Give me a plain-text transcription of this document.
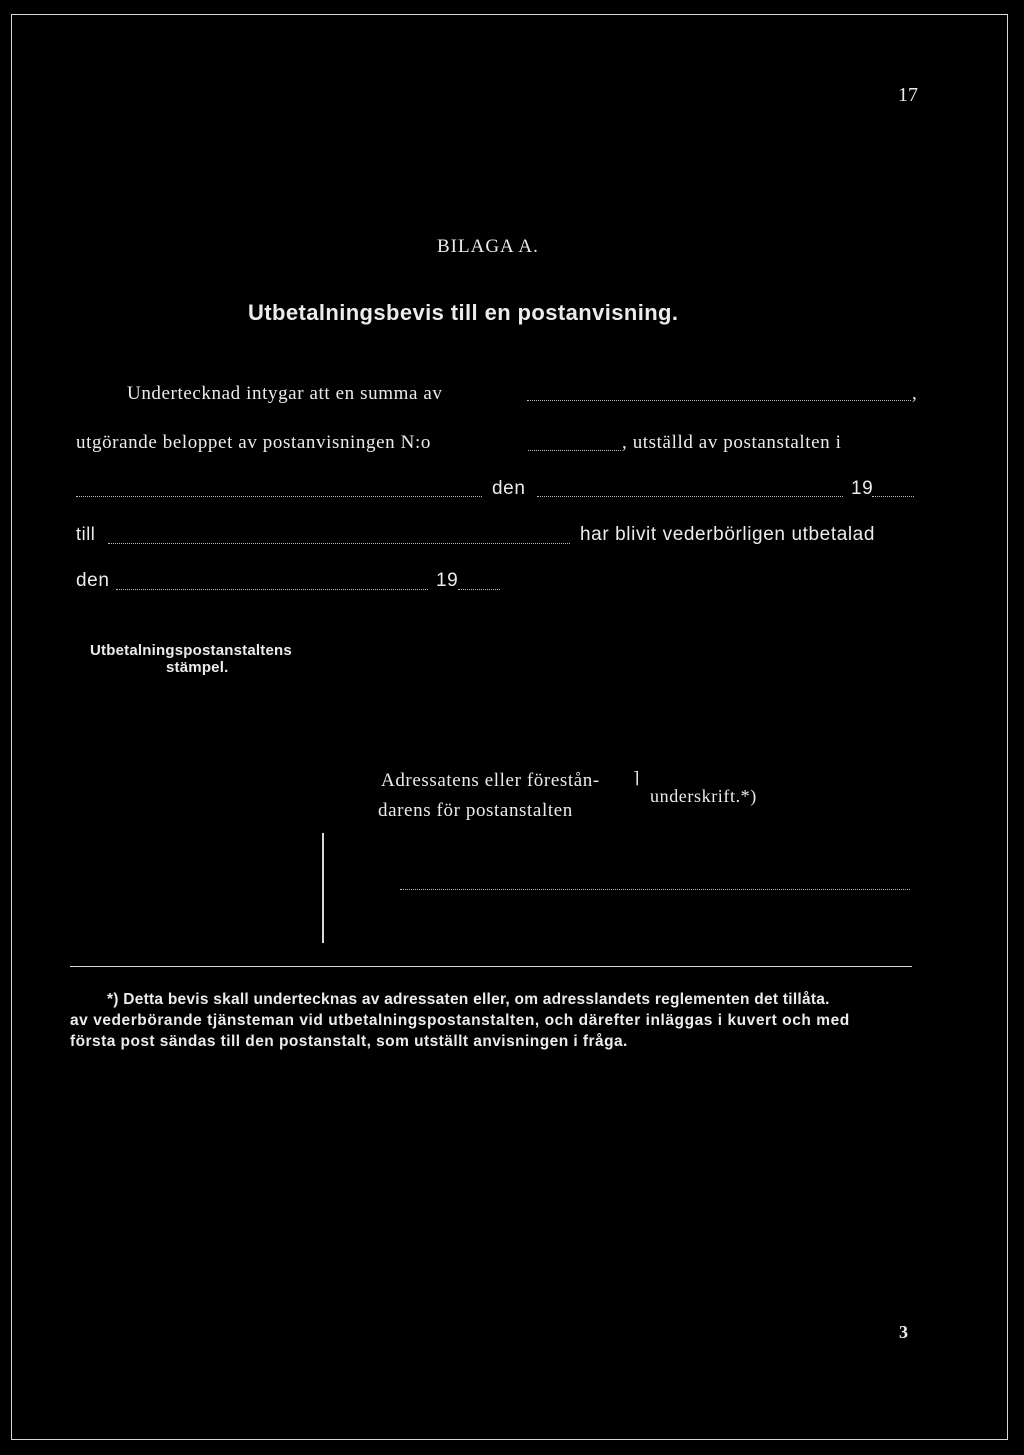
17
BILAGA A.
Utbetalningsbevis till en postanvisning.
Undertecknad intygar att en summa av	,
utgörande beloppet av postanvisningen N:o	, utställd av postanstalten i
den	19
till	har blivit vederbörligen utbetalad
den	19
Utbetalningspostanstaltens
stämpel.
Adressatens eller förestån-
darens för postanstalten
⌉
underskrift.*)
*) Detta bevis skall undertecknas av adressaten eller, om adresslandets reglementen det tillåta.
av vederbörande tjänsteman vid utbetalningspostanstalten, och därefter inläggas i kuvert och med
första post sändas till den postanstalt, som utställt anvisningen i fråga.
3
